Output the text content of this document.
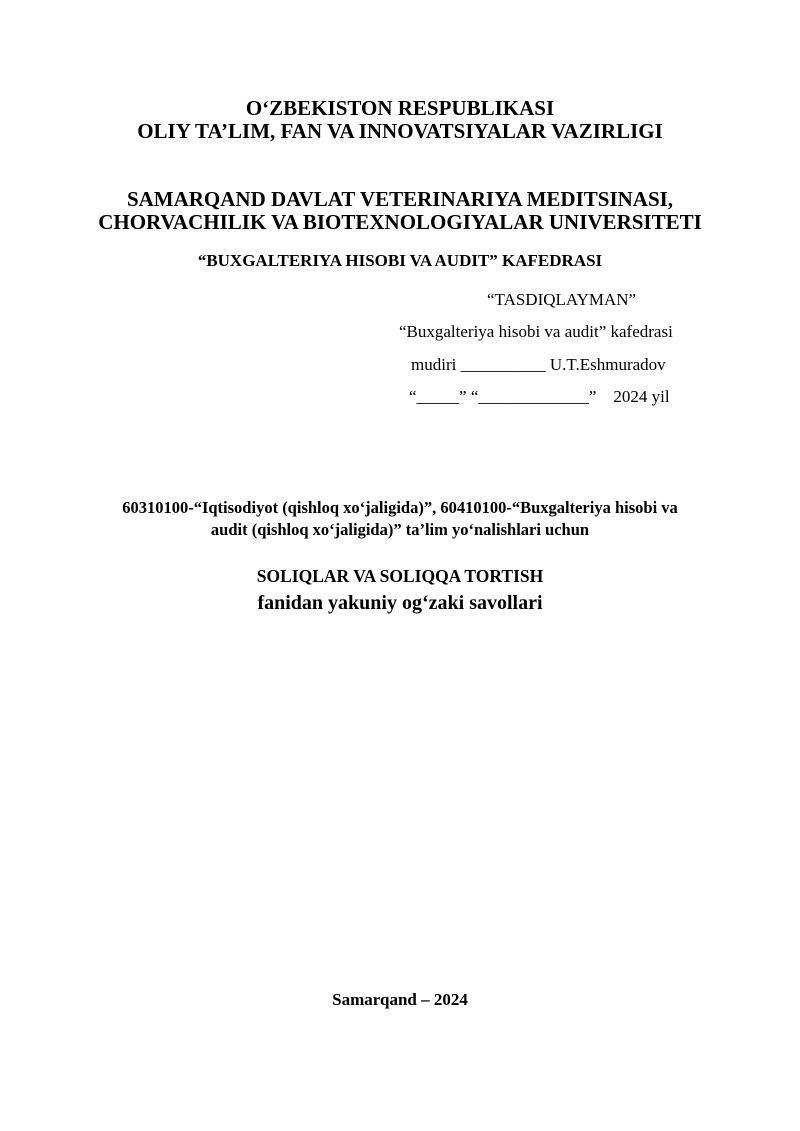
O‘ZBEKISTON RESPUBLIKASI

OLIY TA’LIM, FAN VA INNOVATSIYALAR VAZIRLIGI

SAMARQAND DAVLAT VETERINARIYA MEDITSINASI,

CHORVACHILIK VA BIOTEXNOLOGIYALAR UNIVERSITETI

“BUXGALTERIYA HISOBI VA AUDIT” KAFEDRASI

“TASDIQLAYMAN”

“Buxgalteriya hisobi va audit” kafedrasi

mudiri __________ U.T.Eshmuradov

“_____” “_____________”    2024 yil

60310100-“Iqtisodiyot (qishloq xo‘jaligida)”, 60410100-“Buxgalteriya hisobi va

audit (qishloq xo‘jaligida)” ta’lim yo‘nalishlari uchun

SOLIQLAR VA SOLIQQA TORTISH

fanidan yakuniy og‘zaki savollari

Samarqand – 2024
